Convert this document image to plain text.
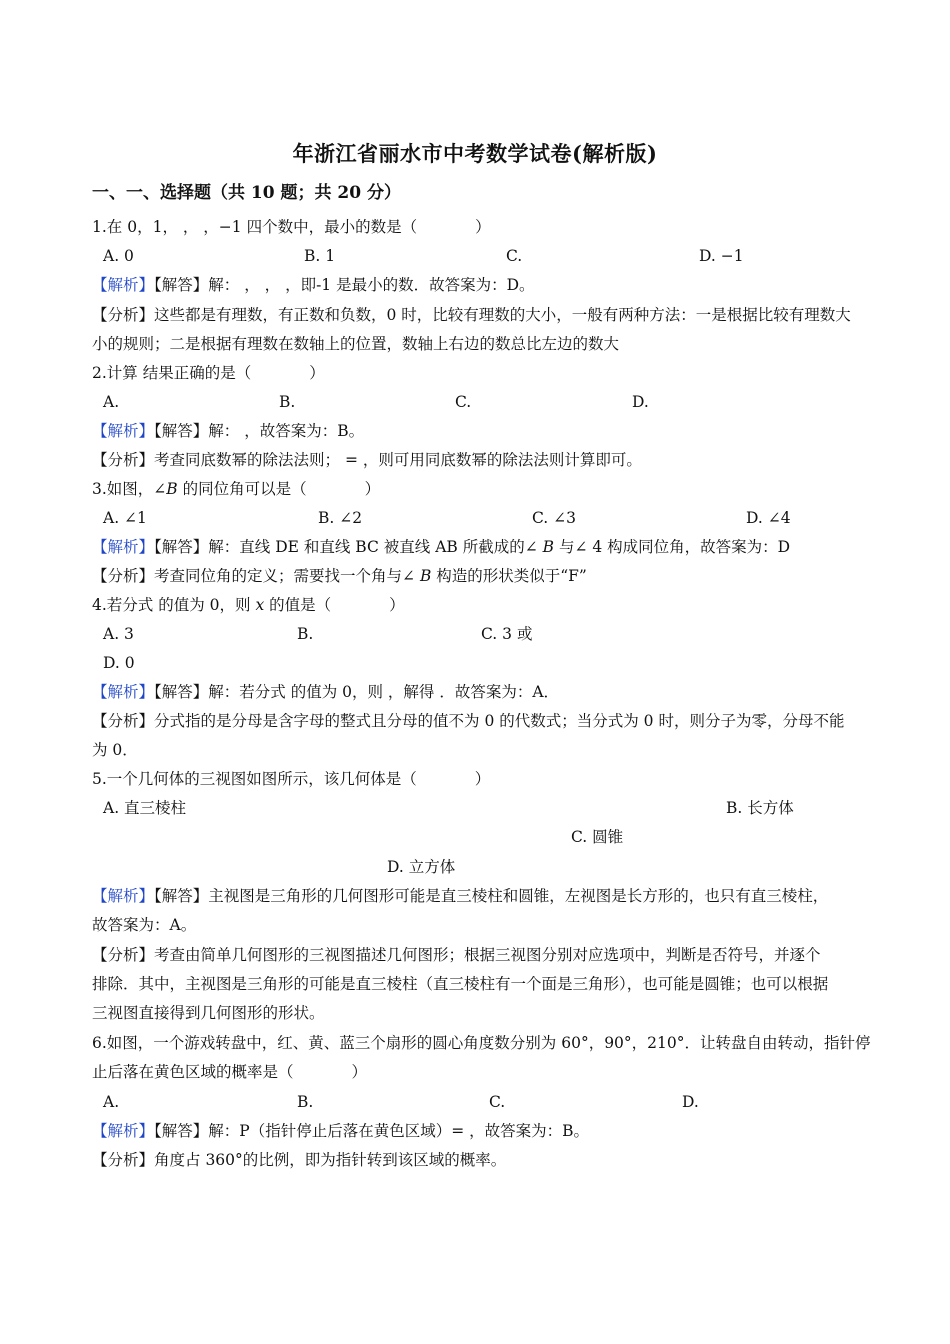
年浙江省丽水市中考数学试卷(解析版)
一、一、选择题（共 10 题；共 20 分）
1.在 0，1， ， ，−1 四个数中，最小的数是（	）
A. 0	B. 1	C.	D. −1
【解析】【解答】解： ， ， ，即-1 是最小的数．故答案为：D。
【分析】这些都是有理数，有正数和负数，0 时，比较有理数的大小，一般有两种方法：一是根据比较有理数大
小的规则；二是根据有理数在数轴上的位置，数轴上右边的数总比左边的数大
2.计算 结果正确的是（	）
A.	B.	C.	D.
【解析】【解答】解： ，故答案为：B。
【分析】考查同底数幂的除法法则； = ，则可用同底数幂的除法法则计算即可。
3.如图，∠B 的同位角可以是（	）
A. ∠1	B. ∠2	C. ∠3	D. ∠4
【解析】【解答】解：直线 DE 和直线 BC 被直线 AB 所截成的∠ B 与∠ 4 构成同位角，故答案为：D
【分析】考查同位角的定义；需要找一个角与∠ B 构造的形状类似于“F”
4.若分式 的值为 0，则 x 的值是（	）
A. 3	B.	C. 3 或
D. 0
【解析】【解答】解：若分式 的值为 0，则 ，解得 ．故答案为：A．
【分析】分式指的是分母是含字母的整式且分母的值不为 0 的代数式；当分式为 0 时，则分子为零，分母不能
为 0．
5.一个几何体的三视图如图所示，该几何体是（	）
A. 直三棱柱	B. 长方体
C. 圆锥
D. 立方体
【解析】【解答】主视图是三角形的几何图形可能是直三棱柱和圆锥，左视图是长方形的，也只有直三棱柱，
故答案为：A。
【分析】考查由简单几何图形的三视图描述几何图形；根据三视图分别对应选项中，判断是否符号，并逐个
排除．其中，主视图是三角形的可能是直三棱柱（直三棱柱有一个面是三角形），也可能是圆锥；也可以根据
三视图直接得到几何图形的形状。
6.如图，一个游戏转盘中，红、黄、蓝三个扇形的圆心角度数分别为 60°，90°，210°．让转盘自由转动，指针停
止后落在黄色区域的概率是（	）
A.	B.	C.	D.
【解析】【解答】解：P（指针停止后落在黄色区域）= ，故答案为：B。
【分析】角度占 360°的比例，即为指针转到该区域的概率。
